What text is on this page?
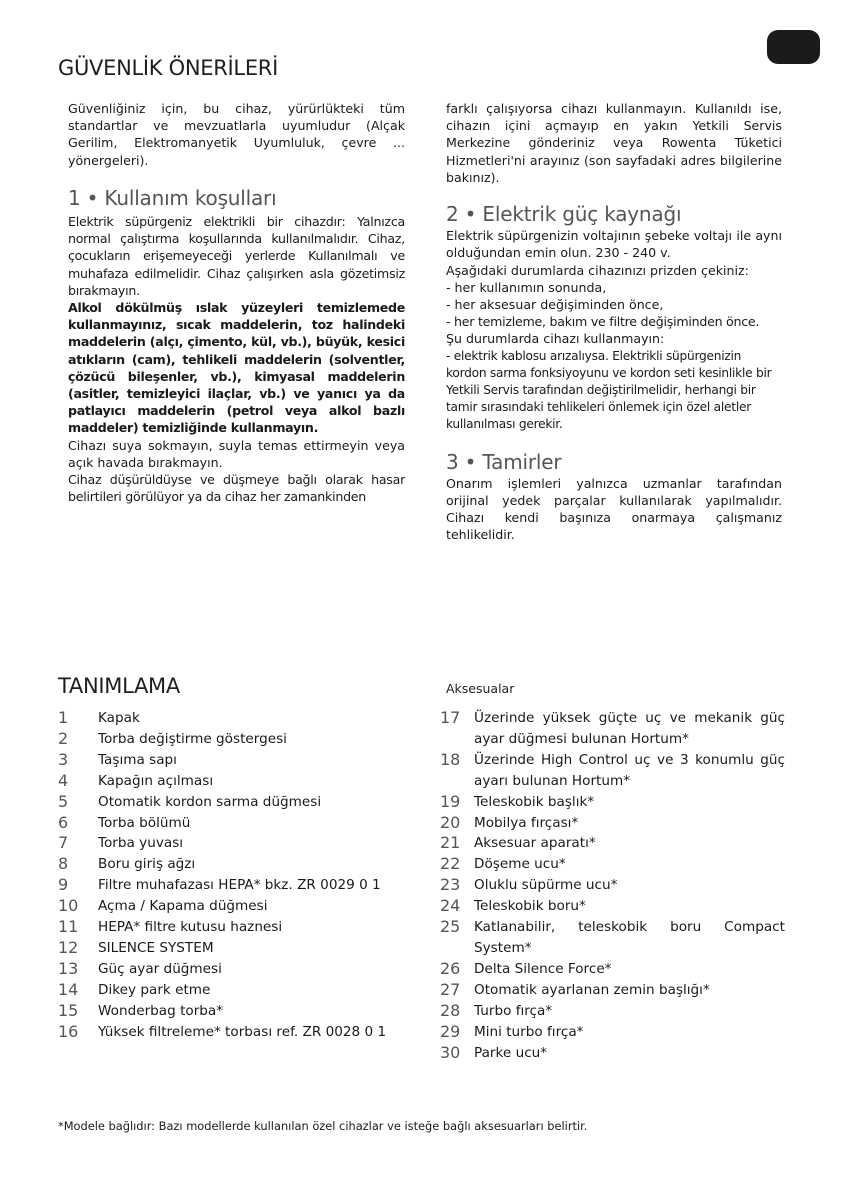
GÜVENLİK ÖNERİLERİ

Güvenliğiniz için, bu cihaz, yürürlükteki tüm standartlar ve mevzuatlarla uyumludur (Alçak Gerilim, Elektromanyetik Uyumluluk, çevre ... yönergeleri).

1 • Kullanım koşulları

Elektrik süpürgeniz elektrikli bir cihazdır: Yalnızca normal çalıştırma koşullarında kullanılmalıdır. Cihaz, çocukların erişemeyeceği yerlerde Kullanılmalı ve muhafaza edilmelidir. Cihaz çalışırken asla gözetimsiz bırakmayın.

Alkol dökülmüş ıslak yüzeyleri temizlemede kullanmayınız, sıcak maddelerin, toz halindeki maddelerin (alçı, çimento, kül, vb.), büyük, kesici atıkların (cam), tehlikeli maddelerin (solventler, çözücü bileşenler, vb.), kimyasal maddelerin (asitler, temizleyici ilaçlar, vb.) ve yanıcı ya da patlayıcı maddelerin (petrol veya alkol bazlı maddeler) temizliğinde kullanmayın.

Cihazı suya sokmayın, suyla temas ettirmeyin veya açık havada bırakmayın.

Cihaz düşürüldüyse ve düşmeye bağlı olarak hasar belirtileri görülüyor ya da cihaz her zamankinden

farklı çalışıyorsa cihazı kullanmayın. Kullanıldı ise, cihazın içini açmayıp en yakın Yetkili Servis Merkezine gönderiniz veya Rowenta Tüketici Hizmetleri'ni arayınız (son sayfadaki adres bilgilerine bakınız).

2 • Elektrik güç kaynağı

Elektrik süpürgenizin voltajının şebeke voltajı ile aynı olduğundan emin olun. 230 - 240 v.

Aşağıdaki durumlarda cihazınızı prizden çekiniz:

- her kullanımın sonunda,

- her aksesuar değişiminden önce,

- her temizleme, bakım ve filtre değişiminden önce.

Şu durumlarda cihazı kullanmayın:

- elektrik kablosu arızalıysa. Elektrikli süpürgenizin kordon sarma fonksiyoyunu ve kordon seti kesinlikle bir Yetkili Servis tarafından değiştirilmelidir, herhangi bir tamir sırasındaki tehlikeleri önlemek için özel aletler kullanılması gerekir.

3 • Tamirler

Onarım işlemleri yalnızca uzmanlar tarafından orijinal yedek parçalar kullanılarak yapılmalıdır. Cihazı kendi başınıza onarmaya çalışmanız tehlikelidir.

TANIMLAMA	Aksesualar
1	Kapak
2	Torba değiştirme göstergesi
3	Taşıma sapı
4	Kapağın açılması
5	Otomatik kordon sarma düğmesi
6	Torba bölümü
7	Torba yuvası
8	Boru giriş ağzı
9	Filtre muhafazası HEPA* bkz. ZR 0029 0 1
10	Açma / Kapama düğmesi
11	HEPA* filtre kutusu haznesi
12	SILENCE SYSTEM
13	Güç ayar düğmesi
14	Dikey park etme
15	Wonderbag torba*
16	Yüksek filtreleme* torbası ref. ZR 0028 0 1
17	Üzerinde yüksek güçte uç ve mekanik güç ayar düğmesi bulunan Hortum*
18	Üzerinde High Control uç ve 3 konumlu güç ayarı bulunan Hortum*
19	Teleskobik başlık*
20	Mobilya fırçası*
21	Aksesuar aparatı*
22	Döşeme ucu*
23	Oluklu süpürme ucu*
24	Teleskobik boru*
25	Katlanabilir, teleskobik boru Compact System*
26	Delta Silence Force*
27	Otomatik ayarlanan zemin başlığı*
28	Turbo fırça*
29	Mini turbo fırça*
30	Parke ucu*
*Modele bağlıdır: Bazı modellerde kullanılan özel cihazlar ve isteğe bağlı aksesuarları belirtir.
